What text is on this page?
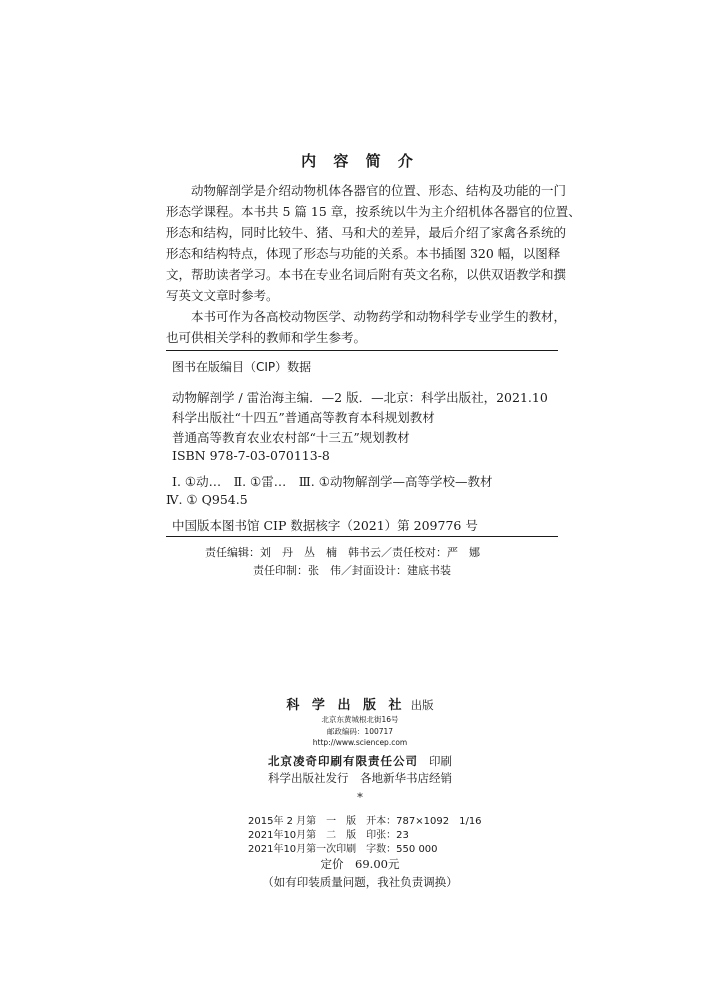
内 容 简 介
　　动物解剖学是介绍动物机体各器官的位置、形态、结构及功能的一门
形态学课程。本书共 5 篇 15 章，按系统以牛为主介绍机体各器官的位置、
形态和结构，同时比较牛、猪、马和犬的差异，最后介绍了家禽各系统的
形态和结构特点，体现了形态与功能的关系。本书插图 320 幅，以图释
文，帮助读者学习。本书在专业名词后附有英文名称，以供双语教学和撰
写英文文章时参考。
　　本书可作为各高校动物医学、动物药学和动物科学专业学生的教材，
也可供相关学科的教师和学生参考。
图书在版编目（CIP）数据
动物解剖学 / 雷治海主编．—2 版．—北京：科学出版社，2021.10
科学出版社“十四五”普通高等教育本科规划教材
普通高等教育农业农村部“十三五”规划教材
ISBN 978-7-03-070113-8
Ⅰ. ①动…　Ⅱ. ①雷…　Ⅲ. ①动物解剖学—高等学校—教材
Ⅳ. ① Q954.5
中国版本图书馆 CIP 数据核字（2021）第 209776 号
责任编辑：刘　丹　丛　楠　韩书云／责任校对：严　娜
责任印制：张　伟／封面设计：建底书装
科 学 出 版 社 出版
北京东黄城根北街16号
邮政编码：100717
http://www.sciencep.com
北京凌奇印刷有限责任公司 印刷
科学出版社发行　各地新华书店经销
*
2015年 2 月第　一　版　开本：787×1092　1/16
2021年10月第　二　版　印张：23
2021年10月第一次印刷　字数：550 000
定价　69.00元
（如有印装质量问题，我社负责调换）
